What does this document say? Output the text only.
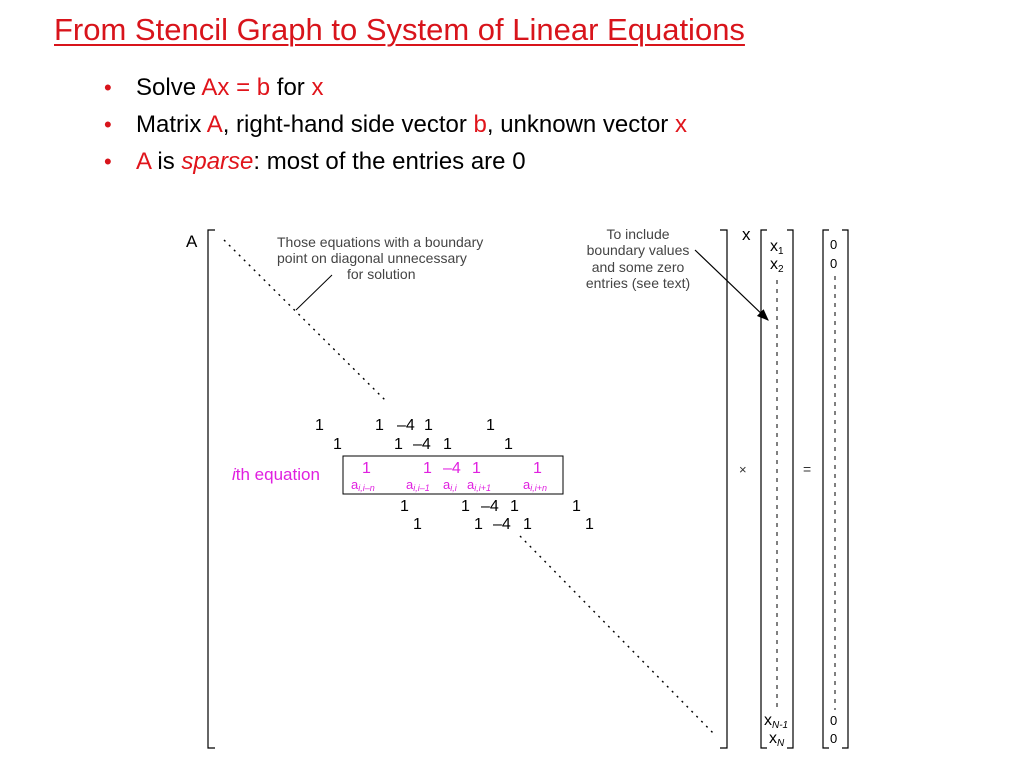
From Stencil Graph to System of Linear Equations
• Solve Ax = b for x
• Matrix A, right-hand side vector b, unknown vector x
• A is sparse: most of the entries are 0
A	Those equations with a boundary
point on diagonal unnecessary
for solution
To include
boundary values
and some zero
entries (see text)
1	1 –4 1	1
1	1 –4 1	1
ith equation	1	1 –4 1	1
ai,i–n ai,i–1 ai,i ai,i+1 ai,i+n
1	1 –4 1	1
1	1 –4 1	1
×	=
x
x1
x2
xN-1
xN
0
0
0
0
